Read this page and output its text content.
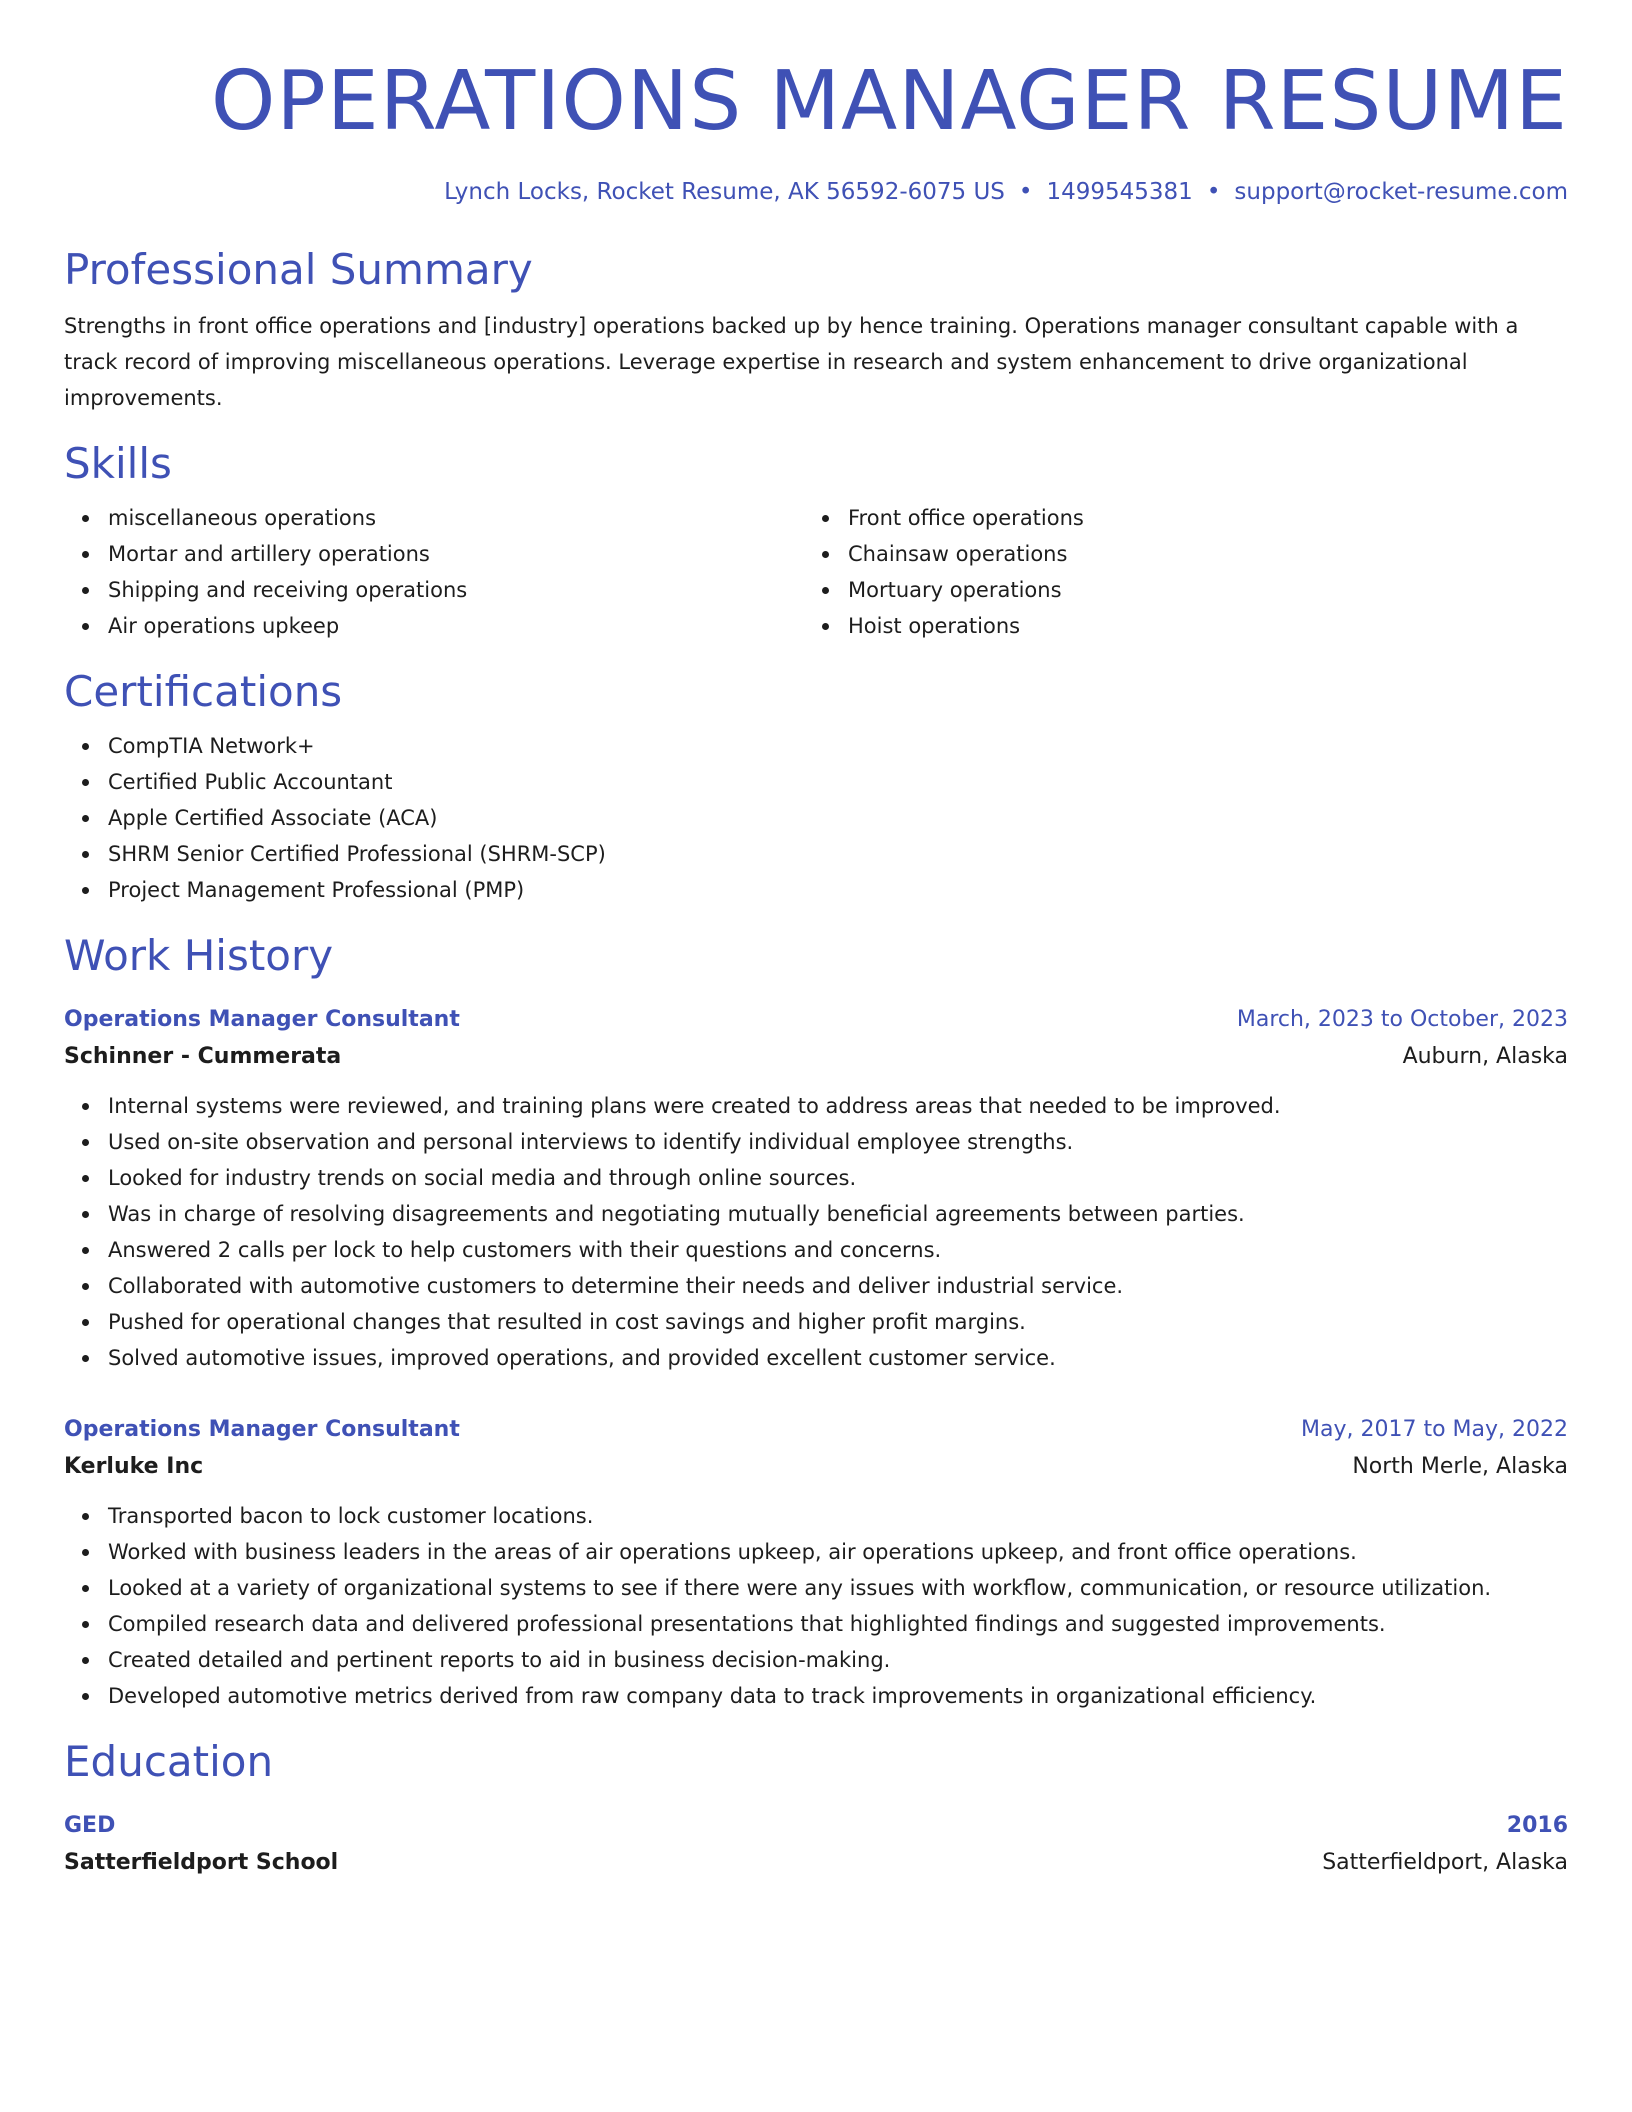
OPERATIONS MANAGER RESUME
Lynch Locks, Rocket Resume, AK 56592-6075 US • 1499545381 • support@rocket-resume.com
Professional Summary
Strengths in front office operations and [industry] operations backed up by hence training. Operations manager consultant capable with a track record of improving miscellaneous operations. Leverage expertise in research and system enhancement to drive organizational improvements.
Skills
miscellaneous operations
Mortar and artillery operations
Shipping and receiving operations
Air operations upkeep
Front office operations
Chainsaw operations
Mortuary operations
Hoist operations
Certifications
CompTIA Network+
Certified Public Accountant
Apple Certified Associate (ACA)
SHRM Senior Certified Professional (SHRM-SCP)
Project Management Professional (PMP)
Work History
Operations Manager Consultant	March, 2023 to October, 2023
Schinner - Cummerata	Auburn, Alaska
Internal systems were reviewed, and training plans were created to address areas that needed to be improved.
Used on-site observation and personal interviews to identify individual employee strengths.
Looked for industry trends on social media and through online sources.
Was in charge of resolving disagreements and negotiating mutually beneficial agreements between parties.
Answered 2 calls per lock to help customers with their questions and concerns.
Collaborated with automotive customers to determine their needs and deliver industrial service.
Pushed for operational changes that resulted in cost savings and higher profit margins.
Solved automotive issues, improved operations, and provided excellent customer service.
Operations Manager Consultant	May, 2017 to May, 2022
Kerluke Inc	North Merle, Alaska
Transported bacon to lock customer locations.
Worked with business leaders in the areas of air operations upkeep, air operations upkeep, and front office operations.
Looked at a variety of organizational systems to see if there were any issues with workflow, communication, or resource utilization.
Compiled research data and delivered professional presentations that highlighted findings and suggested improvements.
Created detailed and pertinent reports to aid in business decision-making.
Developed automotive metrics derived from raw company data to track improvements in organizational efficiency.
Education
GED	2016
Satterfieldport School	Satterfieldport, Alaska
